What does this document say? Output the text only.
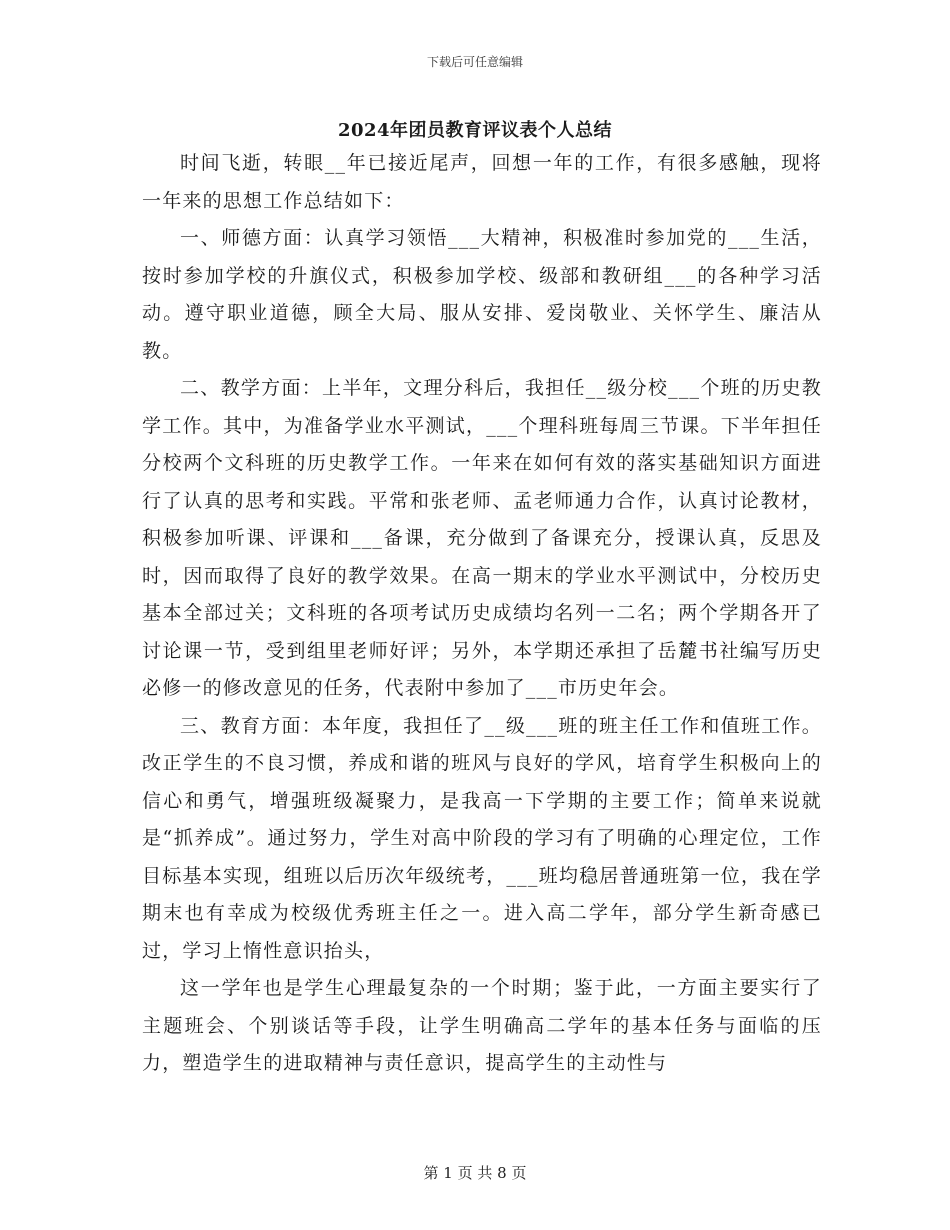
下载后可任意编辑
2024年团员教育评议表个人总结

时间飞逝，转眼__年已接近尾声，回想一年的工作，有很多感触，现将一年来的思想工作总结如下：

一、师德方面：认真学习领悟___大精神，积极准时参加党的___生活，按时参加学校的升旗仪式，积极参加学校、级部和教研组___的各种学习活动。遵守职业道德，顾全大局、服从安排、爱岗敬业、关怀学生、廉洁从教。

二、教学方面：上半年，文理分科后，我担任__级分校___个班的历史教学工作。其中，为准备学业水平测试，___个理科班每周三节课。下半年担任分校两个文科班的历史教学工作。一年来在如何有效的落实基础知识方面进行了认真的思考和实践。平常和张老师、孟老师通力合作，认真讨论教材，积极参加听课、评课和___备课，充分做到了备课充分，授课认真，反思及时，因而取得了良好的教学效果。在高一期末的学业水平测试中，分校历史基本全部过关；文科班的各项考试历史成绩均名列一二名；两个学期各开了讨论课一节，受到组里老师好评；另外，本学期还承担了岳麓书社编写历史必修一的修改意见的任务，代表附中参加了___市历史年会。

三、教育方面：本年度，我担任了__级___班的班主任工作和值班工作。改正学生的不良习惯，养成和谐的班风与良好的学风，培育学生积极向上的信心和勇气，增强班级凝聚力，是我高一下学期的主要工作；简单来说就是“抓养成”。通过努力，学生对高中阶段的学习有了明确的心理定位，工作目标基本实现，组班以后历次年级统考，___班均稳居普通班第一位，我在学期末也有幸成为校级优秀班主任之一。进入高二学年，部分学生新奇感已过，学习上惰性意识抬头，

这一学年也是学生心理最复杂的一个时期；鉴于此，一方面主要实行了主题班会、个别谈话等手段，让学生明确高二学年的基本任务与面临的压力，塑造学生的进取精神与责任意识，提高学生的主动性与

第 1 页 共 8 页
